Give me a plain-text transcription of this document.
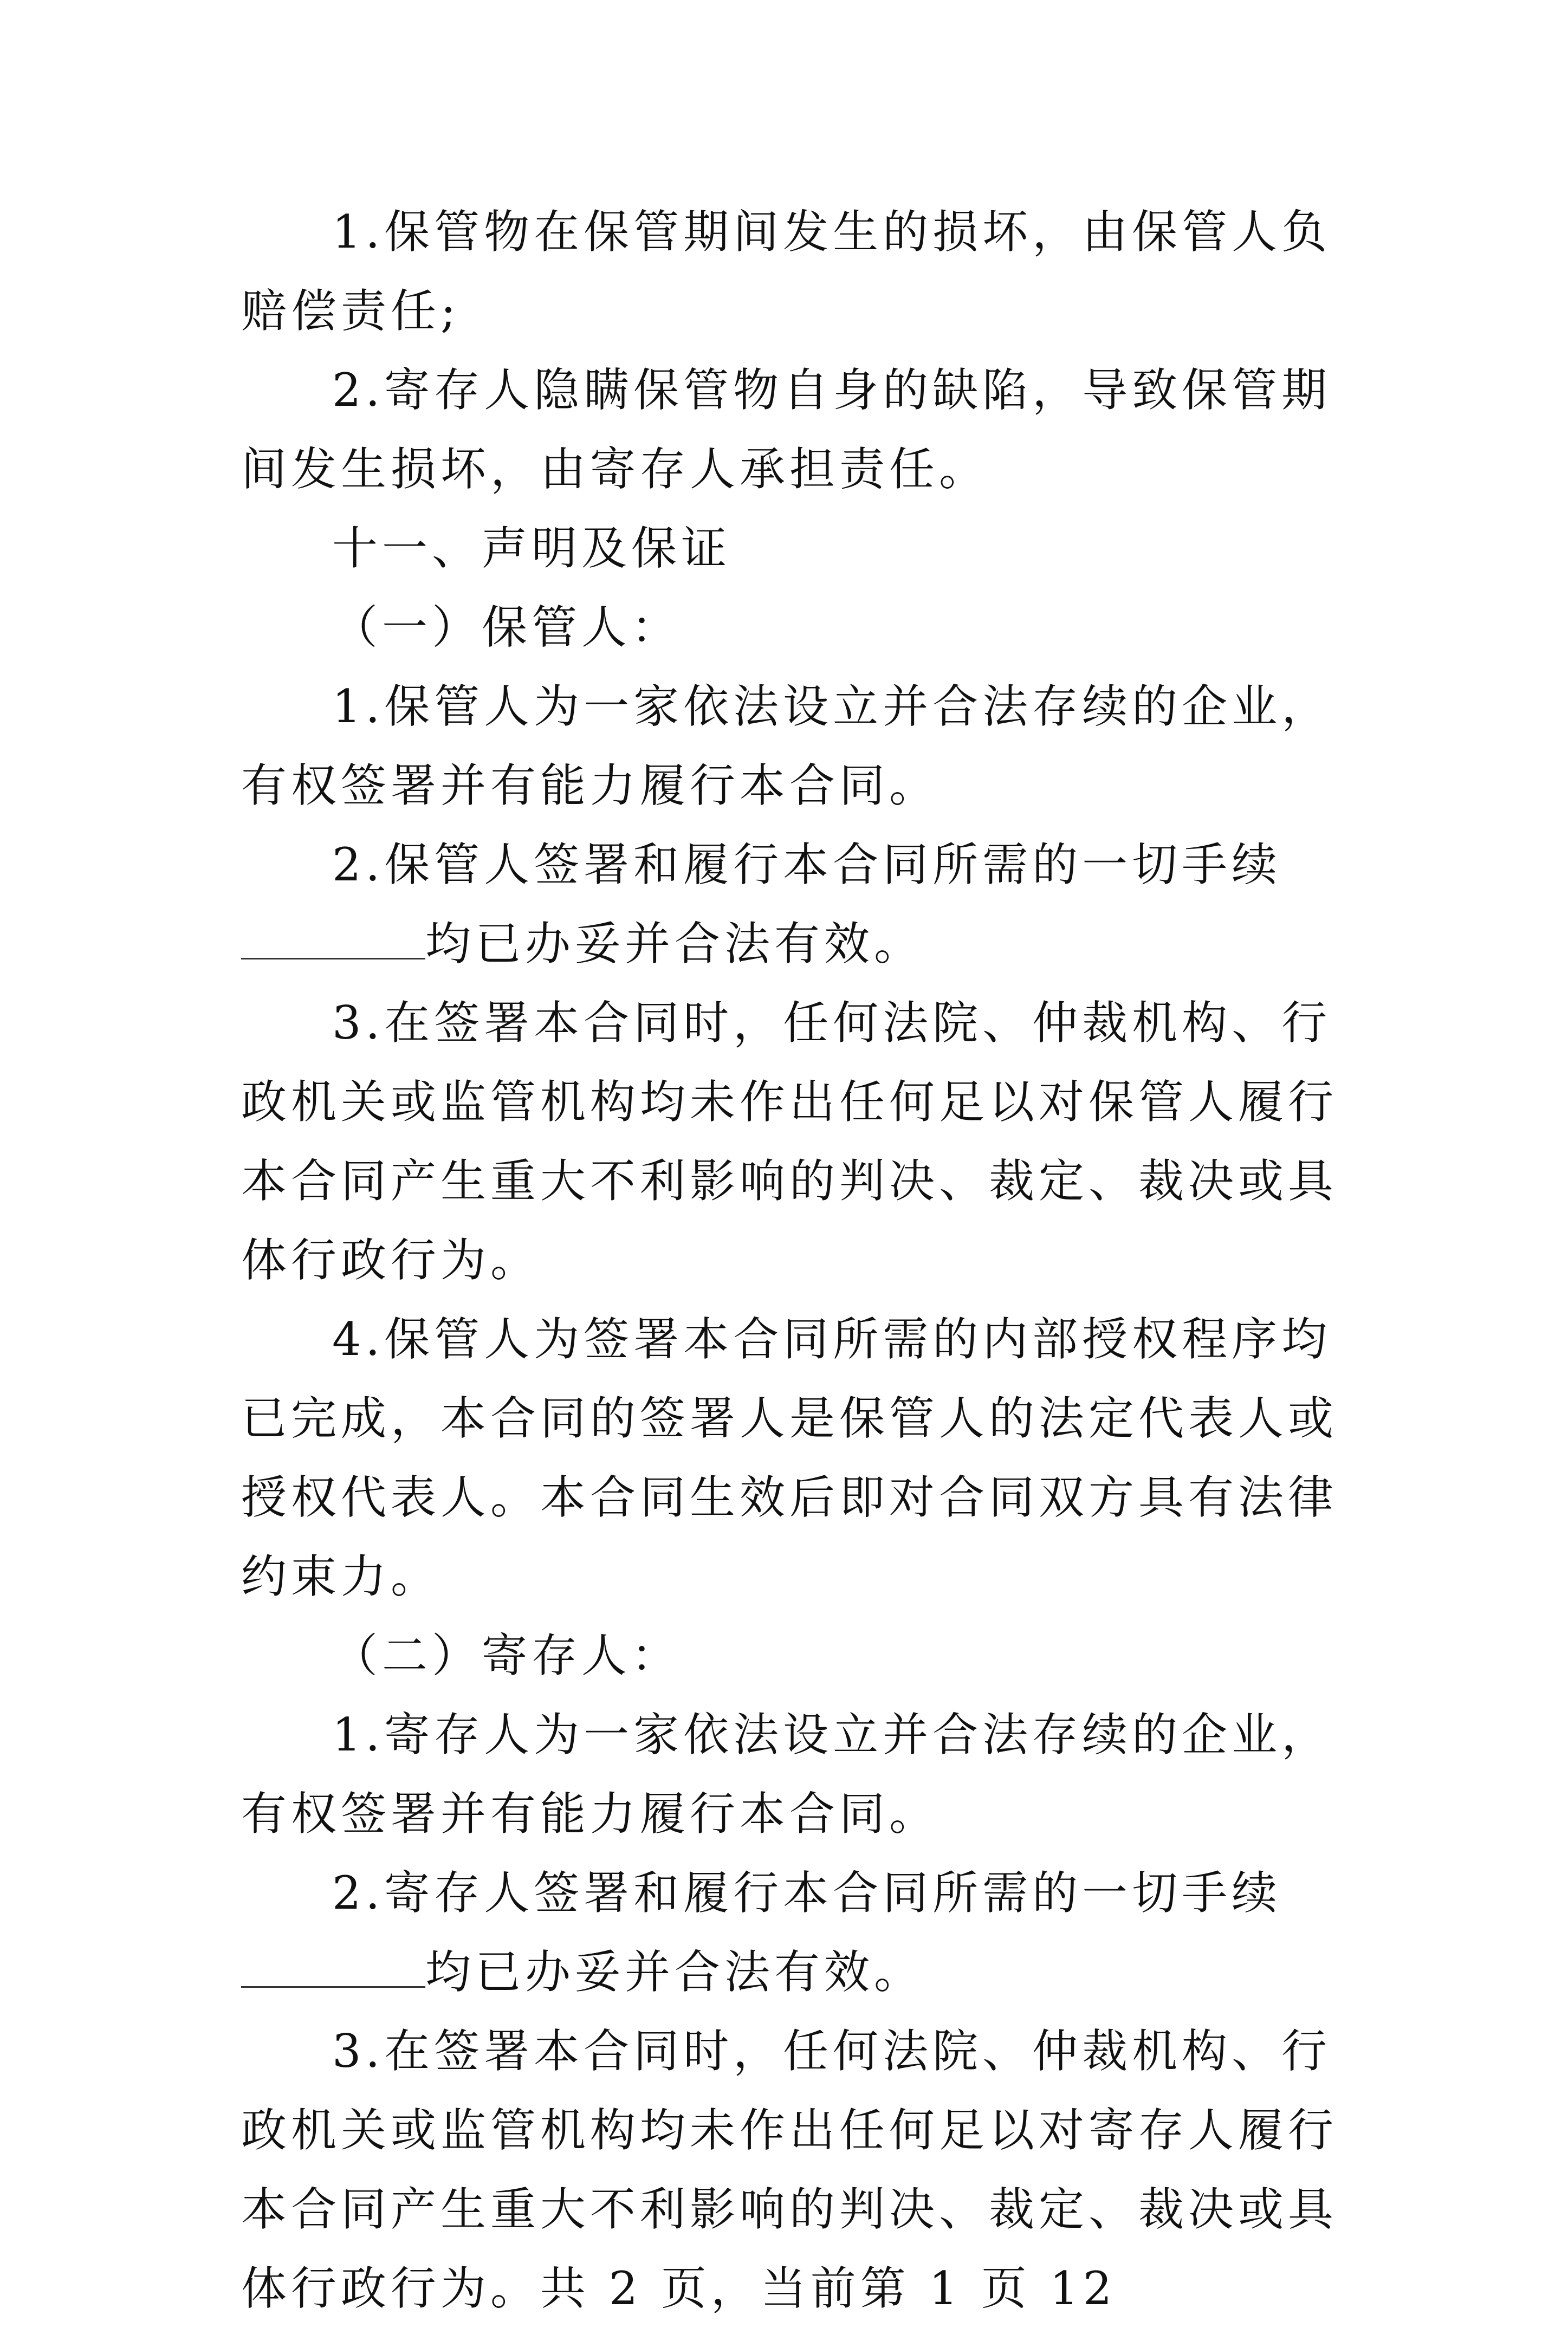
1.保管物在保管期间发生的损坏，由保管人负赔偿责任;

2.寄存人隐瞒保管物自身的缺陷，导致保管期间发生损坏，由寄存人承担责任。

十一、声明及保证

（一）保管人：

1.保管人为一家依法设立并合法存续的企业，有权签署并有能力履行本合同。

2.保管人签署和履行本合同所需的一切手续均已办妥并合法有效。

3.在签署本合同时，任何法院、仲裁机构、行政机关或监管机构均未作出任何足以对保管人履行本合同产生重大不利影响的判决、裁定、裁决或具体行政行为。

4.保管人为签署本合同所需的内部授权程序均已完成，本合同的签署人是保管人的法定代表人或授权代表人。本合同生效后即对合同双方具有法律约束力。

（二）寄存人：

1.寄存人为一家依法设立并合法存续的企业，有权签署并有能力履行本合同。

2.寄存人签署和履行本合同所需的一切手续均已办妥并合法有效。

3.在签署本合同时，任何法院、仲裁机构、行政机关或监管机构均未作出任何足以对寄存人履行本合同产生重大不利影响的判决、裁定、裁决或具体行政行为。共 2 页，当前第 1 页 12
